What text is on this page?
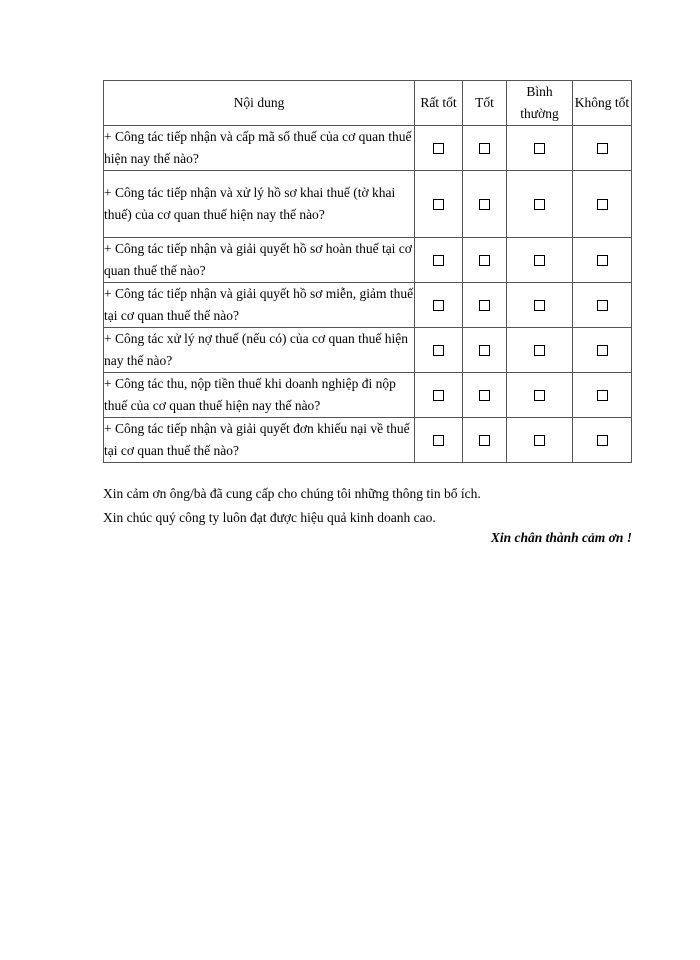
Nội dung	Rất tốt	Tốt	Bình thường	Không tốt
+ Công tác tiếp nhận và cấp mã số thuế của cơ quan thuế hiện nay thế nào?				
+ Công tác tiếp nhận và xử lý hồ sơ khai thuế (tờ khai thuế) của cơ quan thuế hiện nay thế nào?				
+ Công tác tiếp nhận và giải quyết hồ sơ hoàn thuế tại cơ quan thuế thế nào?				
+ Công tác tiếp nhận và giải quyết hồ sơ miễn, giảm thuế tại cơ quan thuế thế nào?				
+ Công tác xử lý nợ thuế (nếu có) của cơ quan thuế hiện nay thế nào?				
+ Công tác thu, nộp tiền thuế khi doanh nghiệp đi nộp thuế của cơ quan thuế hiện nay thế nào?				
+ Công tác tiếp nhận và giải quyết đơn khiếu nại về thuế tại cơ quan thuế thế nào?				
Xin cảm ơn ông/bà đã cung cấp cho chúng tôi những thông tin bổ ích.
Xin chúc quý công ty luôn đạt được hiệu quả kinh doanh cao.
Xin chân thành cảm ơn !
